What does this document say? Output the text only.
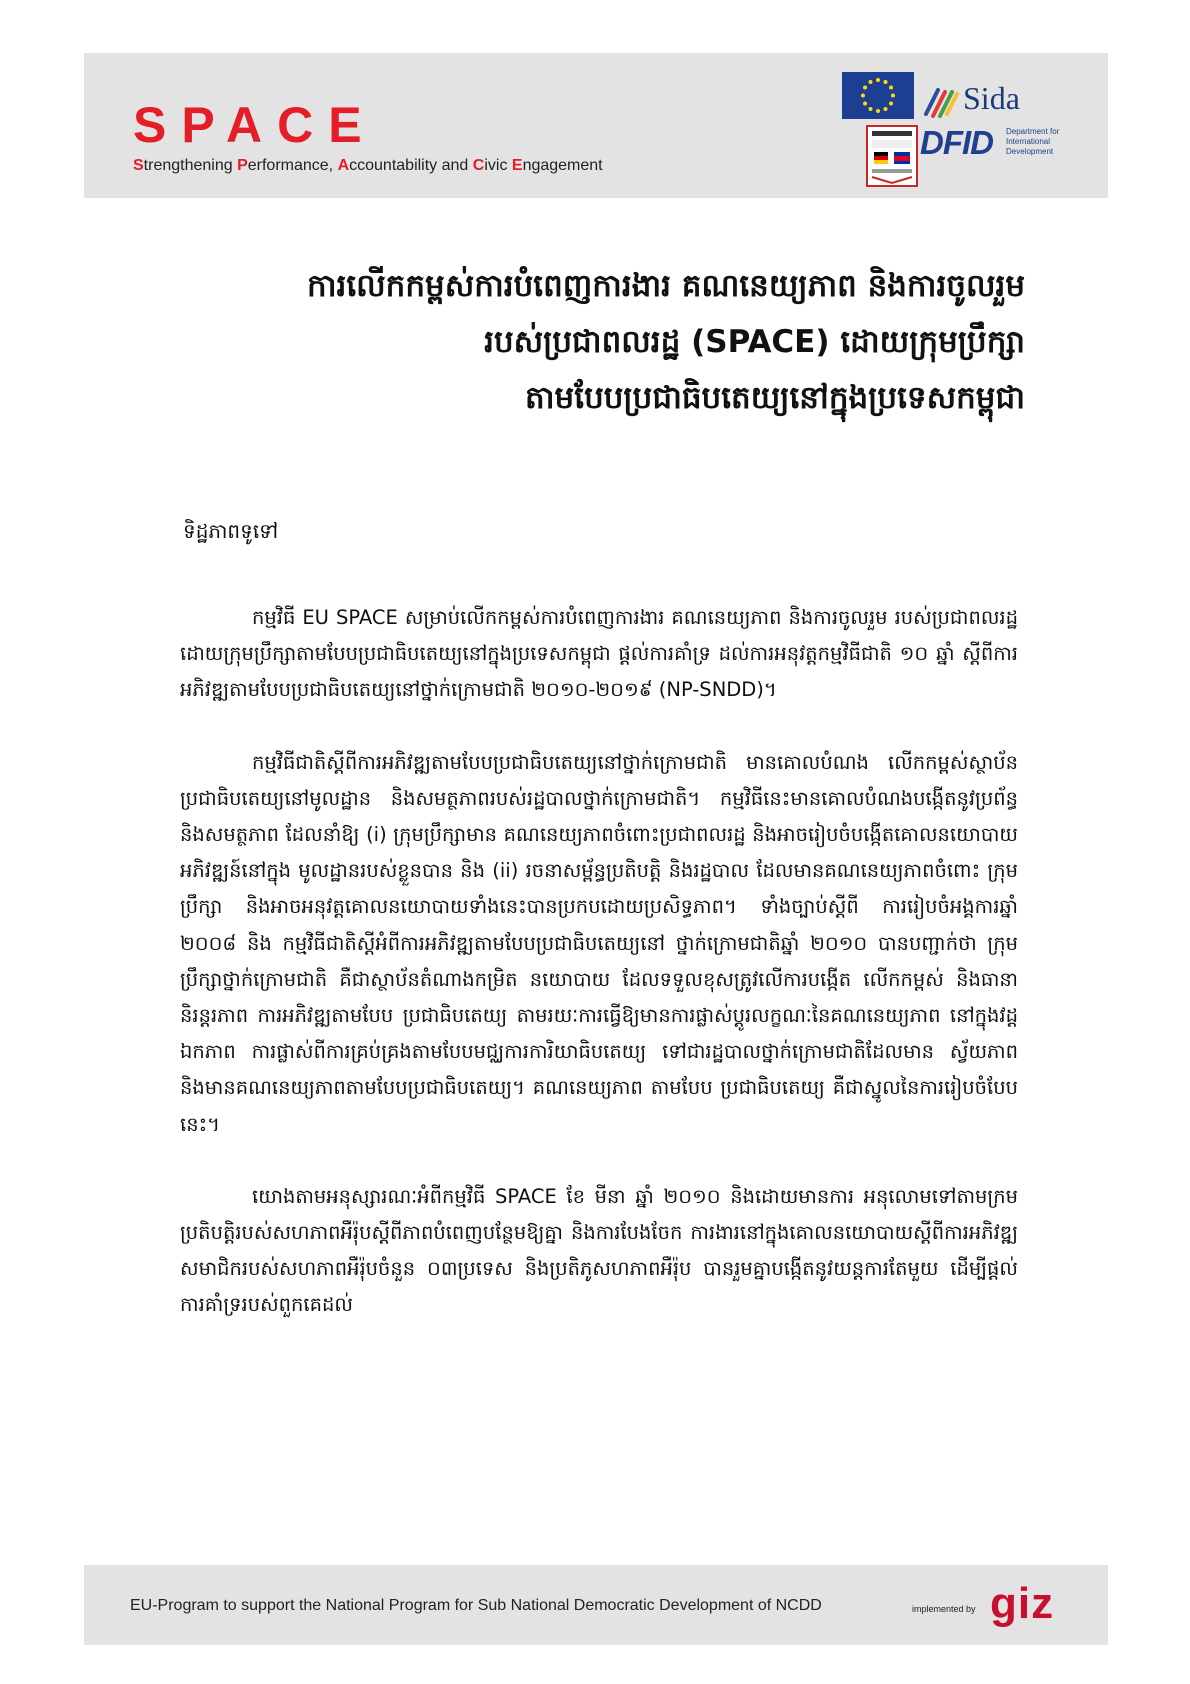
SPACE
Strengthening Performance, Accountability and Civic Engagement
Sida
DFID Department for
International
Development
ការលើកកម្ពស់ការបំពេញការងារ គណនេយ្យភាព និងការចូលរួម
របស់ប្រជាពលរដ្ឋ (SPACE) ដោយក្រុមប្រឹក្សា
តាមបែបប្រជាធិបតេយ្យនៅក្នុងប្រទេសកម្ពុជា
ទិដ្ឋភាពទូទៅ

កម្មវិធី EU SPACE សម្រាប់លើកកម្ពស់ការបំពេញការងារ គណនេយ្យភាព និងការចូលរួម របស់ប្រជាពលរដ្ឋដោយក្រុមប្រឹក្សាតាមបែបប្រជាធិបតេយ្យនៅក្នុងប្រទេសកម្ពុជា ផ្តល់ការគាំទ្រ ដល់ការអនុវត្តកម្មវិធីជាតិ ១០ ឆ្នាំ ស្តីពីការអភិវឌ្ឍតាមបែបប្រជាធិបតេយ្យនៅថ្នាក់ក្រោមជាតិ ២០១០-២០១៩ (NP-SNDD)។

កម្មវិធីជាតិស្តីពីការអភិវឌ្ឍតាមបែបប្រជាធិបតេយ្យនៅថ្នាក់ក្រោមជាតិ មានគោលបំណង លើកកម្ពស់ស្ថាប័នប្រជាធិបតេយ្យនៅមូលដ្ឋាន និងសមត្ថភាពរបស់រដ្ឋបាលថ្នាក់ក្រោមជាតិ។ កម្មវិធីនេះមានគោលបំណងបង្កើតនូវប្រព័ន្ធ និងសមត្ថភាព ដែលនាំឱ្យ (i) ក្រុមប្រឹក្សាមាន គណនេយ្យភាពចំពោះប្រជាពលរដ្ឋ និងអាចរៀបចំបង្កើតគោលនយោបាយអភិវឌ្ឍន៍នៅក្នុង មូលដ្ឋានរបស់ខ្លួនបាន និង (ii) រចនាសម្ព័ន្ធប្រតិបត្តិ និងរដ្ឋបាល ដែលមានគណនេយ្យភាពចំពោះ ក្រុមប្រឹក្សា និងអាចអនុវត្តគោលនយោបាយទាំងនេះបានប្រកបដោយប្រសិទ្ធភាព។ ទាំងច្បាប់ស្តីពី ការរៀបចំអង្គការឆ្នាំ ២០០៨ និង កម្មវិធីជាតិស្តីអំពីការអភិវឌ្ឍតាមបែបប្រជាធិបតេយ្យនៅ ថ្នាក់ក្រោមជាតិឆ្នាំ ២០១០ បានបញ្ជាក់ថា ក្រុមប្រឹក្សាថ្នាក់ក្រោមជាតិ គឺជាស្ថាប័នតំណាងកម្រិត នយោបាយ ដែលទទួលខុសត្រូវលើការបង្កើត លើកកម្ពស់ និងធានានិរន្តរភាព ការអភិវឌ្ឍតាមបែប ប្រជាធិបតេយ្យ តាមរយៈការធ្វើឱ្យមានការផ្លាស់ប្តូរលក្ខណៈនៃគណនេយ្យភាព នៅក្នុងវដ្តឯកភាព ការផ្លាស់ពីការគ្រប់គ្រងតាមបែបមជ្ឈការការិយាធិបតេយ្យ ទៅជារដ្ឋបាលថ្នាក់ក្រោមជាតិដែលមាន ស្វ័យភាព និងមានគណនេយ្យភាពតាមបែបប្រជាធិបតេយ្យ។ គណនេយ្យភាព តាមបែប ប្រជាធិបតេយ្យ គឺជាស្នូលនៃការរៀបចំបែបនេះ។

យោងតាមអនុស្សារណៈអំពីកម្មវិធី SPACE ខែ មីនា ឆ្នាំ ២០១០ និងដោយមានការ អនុលោមទៅតាមក្រមប្រតិបត្តិរបស់សហភាពអឺរ៉ុបស្តីពីភាពបំពេញបន្ថែមឱ្យគ្នា និងការបែងចែក ការងារនៅក្នុងគោលនយោបាយស្តីពីការអភិវឌ្ឍ សមាជិករបស់សហភាពអឺរ៉ុបចំនួន ០៣ប្រទេស និងប្រតិភូសហភាពអឺរ៉ុប បានរួមគ្នាបង្កើតនូវយន្តការតែមួយ ដើម្បីផ្តល់ការគាំទ្ររបស់ពួកគេដល់

EU-Program to support the National Program for Sub National Democratic Development of NCDD	implemented by giz
